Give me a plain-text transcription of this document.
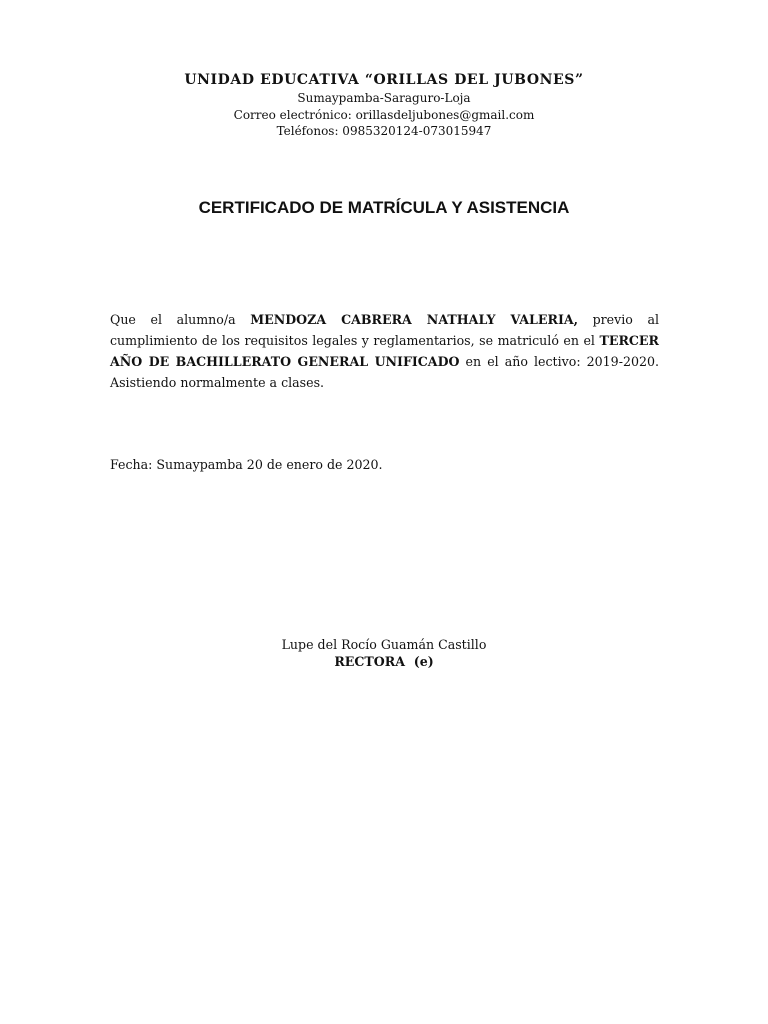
UNIDAD EDUCATIVA “ORILLAS DEL JUBONES”
Sumaypamba-Saraguro-Loja
Correo electrónico: orillasdeljubones@gmail.com
Teléfonos: 0985320124-073015947
CERTIFICADO DE MATRÍCULA Y ASISTENCIA

Que el alumno/a MENDOZA CABRERA NATHALY VALERIA, previo al cumplimiento de los requisitos legales y reglamentarios, se matriculó en el TERCER AÑO DE BACHILLERATO GENERAL UNIFICADO en el año lectivo: 2019-2020. Asistiendo normalmente a clases.

Fecha: Sumaypamba 20 de enero de 2020.
Lupe del Rocío Guamán Castillo
RECTORA  (e)
